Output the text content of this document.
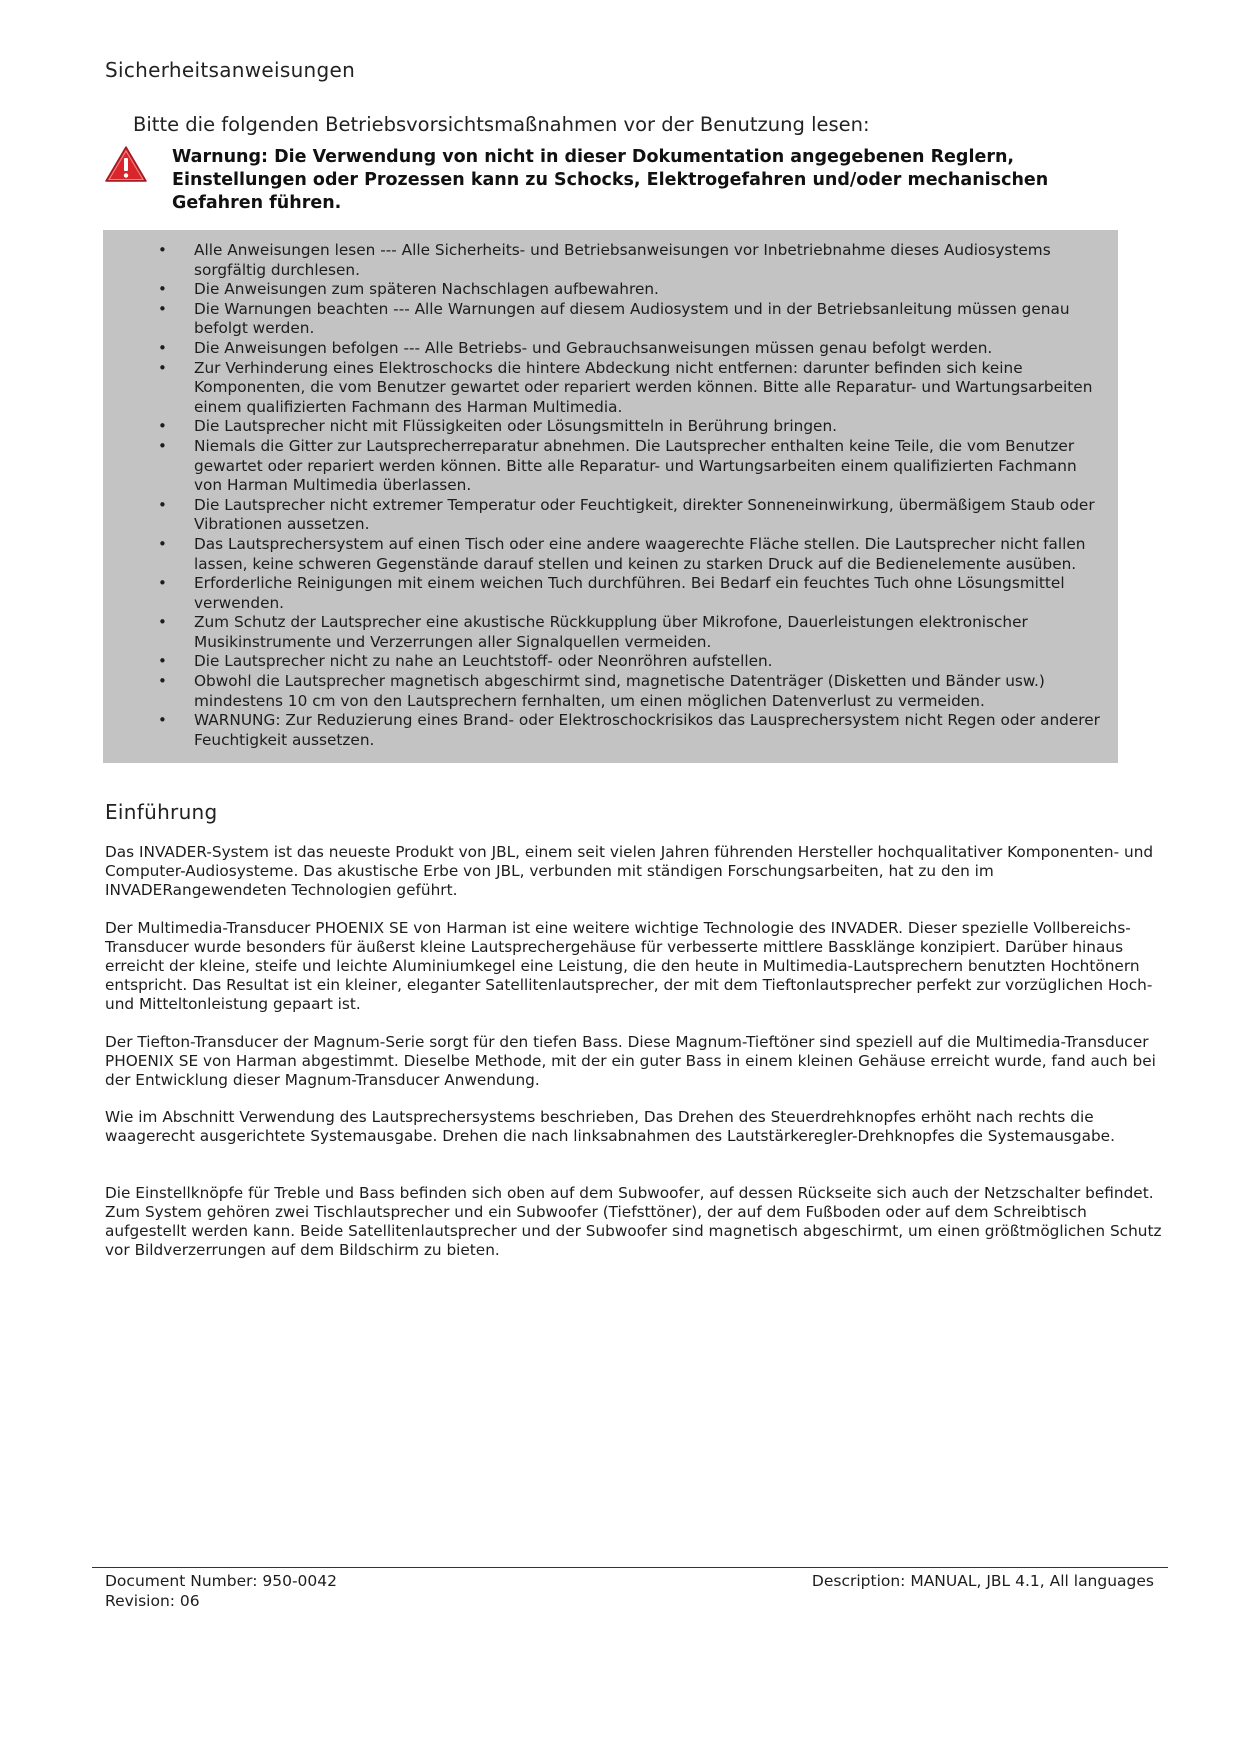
Sicherheitsanweisungen

Bitte die folgenden Betriebsvorsichtsmaßnahmen vor der Benutzung lesen:

Warnung: Die Verwendung von nicht in dieser Dokumentation angegebenen Reglern, Einstellungen oder Prozessen kann zu Schocks, Elektrogefahren und/oder mechanischen Gefahren führen.

• Alle Anweisungen lesen --- Alle Sicherheits- und Betriebsanweisungen vor Inbetriebnahme dieses Audiosystems sorgfältig durchlesen.
• Die Anweisungen zum späteren Nachschlagen aufbewahren.
• Die Warnungen beachten --- Alle Warnungen auf diesem Audiosystem und in der Betriebsanleitung müssen genau befolgt werden.
• Die Anweisungen befolgen --- Alle Betriebs- und Gebrauchsanweisungen müssen genau befolgt werden.
• Zur Verhinderung eines Elektroschocks die hintere Abdeckung nicht entfernen: darunter befinden sich keine Komponenten, die vom Benutzer gewartet oder repariert werden können. Bitte alle Reparatur- und Wartungsarbeiten einem qualifizierten Fachmann des Harman Multimedia.
• Die Lautsprecher nicht mit Flüssigkeiten oder Lösungsmitteln in Berührung bringen.
• Niemals die Gitter zur Lautsprecherreparatur abnehmen. Die Lautsprecher enthalten keine Teile, die vom Benutzer gewartet oder repariert werden können. Bitte alle Reparatur- und Wartungsarbeiten einem qualifizierten Fachmann von Harman Multimedia überlassen.
• Die Lautsprecher nicht extremer Temperatur oder Feuchtigkeit, direkter Sonneneinwirkung, übermäßigem Staub oder Vibrationen aussetzen.
• Das Lautsprechersystem auf einen Tisch oder eine andere waagerechte Fläche stellen. Die Lautsprecher nicht fallen lassen, keine schweren Gegenstände darauf stellen und keinen zu starken Druck auf die Bedienelemente ausüben.
• Erforderliche Reinigungen mit einem weichen Tuch durchführen. Bei Bedarf ein feuchtes Tuch ohne Lösungsmittel verwenden.
• Zum Schutz der Lautsprecher eine akustische Rückkupplung über Mikrofone, Dauerleistungen elektronischer Musikinstrumente und Verzerrungen aller Signalquellen vermeiden.
• Die Lautsprecher nicht zu nahe an Leuchtstoff- oder Neonröhren aufstellen.
• Obwohl die Lautsprecher magnetisch abgeschirmt sind, magnetische Datenträger (Disketten und Bänder usw.) mindestens 10 cm von den Lautsprechern fernhalten, um einen möglichen Datenverlust zu vermeiden.
• WARNUNG: Zur Reduzierung eines Brand- oder Elektroschockrisikos das Lausprechersystem nicht Regen oder anderer Feuchtigkeit aussetzen.
Einführung

Das INVADER-System ist das neueste Produkt von JBL, einem seit vielen Jahren führenden Hersteller hochqualitativer Komponenten- und Computer-Audiosysteme. Das akustische Erbe von JBL, verbunden mit ständigen Forschungsarbeiten, hat zu den im INVADERangewendeten Technologien geführt.

Der Multimedia-Transducer PHOENIX SE von Harman ist eine weitere wichtige Technologie des INVADER. Dieser spezielle Vollbereichs-Transducer wurde besonders für äußerst kleine Lautsprechergehäuse für verbesserte mittlere Bassklänge konzipiert. Darüber hinaus erreicht der kleine, steife und leichte Aluminiumkegel eine Leistung, die den heute in Multimedia-Lautsprechern benutzten Hochtönern entspricht. Das Resultat ist ein kleiner, eleganter Satellitenlautsprecher, der mit dem Tieftonlautsprecher perfekt zur vorzüglichen Hoch- und Mitteltonleistung gepaart ist.

Der Tiefton-Transducer der Magnum-Serie sorgt für den tiefen Bass. Diese Magnum-Tieftöner sind speziell auf die Multimedia-Transducer PHOENIX SE von Harman abgestimmt. Dieselbe Methode, mit der ein guter Bass in einem kleinen Gehäuse erreicht wurde, fand auch bei der Entwicklung dieser Magnum-Transducer Anwendung.

Wie im Abschnitt Verwendung des Lautsprechersystems beschrieben, Das Drehen des Steuerdrehknopfes erhöht nach rechts die waagerecht ausgerichtete Systemausgabe. Drehen die nach linksabnahmen des Lautstärkeregler-Drehknopfes die Systemausgabe.

Die Einstellknöpfe für Treble und Bass befinden sich oben auf dem Subwoofer, auf dessen Rückseite sich auch der Netzschalter befindet. Zum System gehören zwei Tischlautsprecher und ein Subwoofer (Tiefsttöner), der auf dem Fußboden oder auf dem Schreibtisch aufgestellt werden kann. Beide Satellitenlautsprecher und der Subwoofer sind magnetisch abgeschirmt, um einen größtmöglichen Schutz vor Bildverzerrungen auf dem Bildschirm zu bieten.

Document Number: 950-0042
Revision: 06
Description: MANUAL, JBL 4.1, All languages
